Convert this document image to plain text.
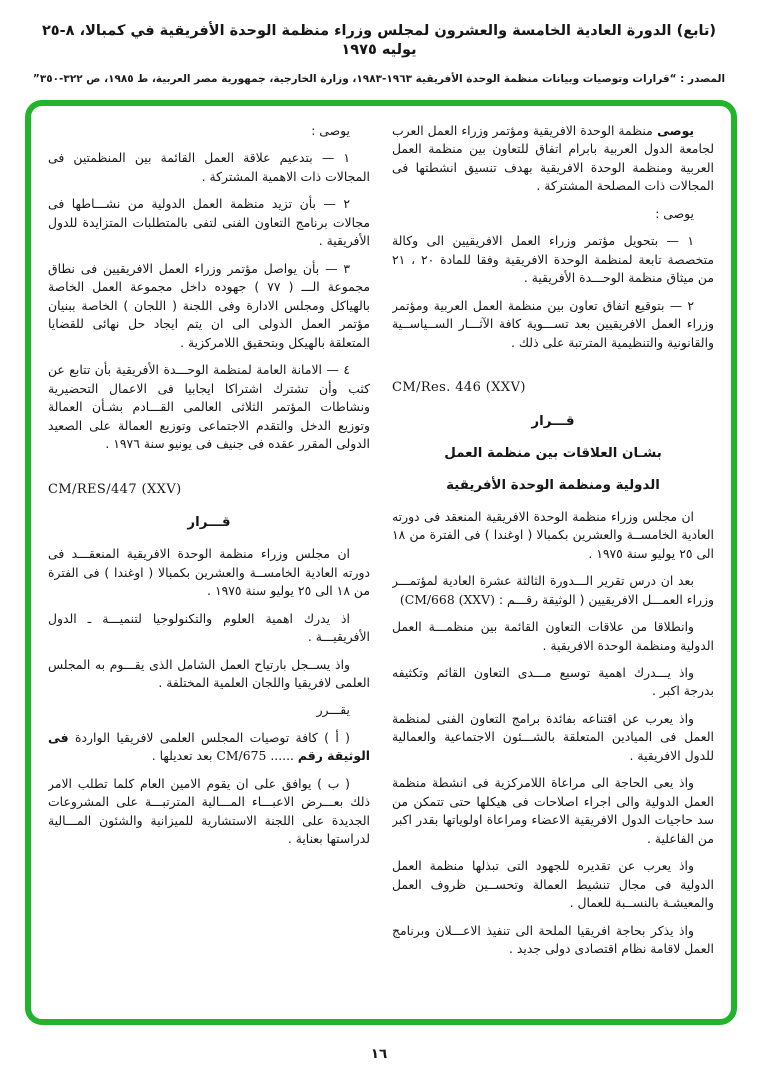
(تابع) الدورة العادية الخامسة والعشرون لمجلس وزراء منظمة الوحدة الأفريقية في كمبالا، ٨-٢٥ يوليه ١٩٧٥
المصدر : “قرارات وتوصيات وبيانات منظمة الوحدة الأفريقية ١٩٦٣-١٩٨٣، وزارة الخارجية، جمهورية مصر العربية، ط ١٩٨٥، ص ٣٢٢-٣٥٠”
يوصى منظمة الوحدة الافريقية ومؤتمر وزراء العمل العرب لجامعة الدول العربية بابرام اتفاق للتعاون بين منظمة العمل العربية ومنظمة الوحدة الافريقية بهدف تنسيق انشطتها فى المجالات ذات المصلحة المشتركة .
يوصى :
١ — بتحويل مؤتمر وزراء العمل الافريقيين الى وكالة متخصصة تابعة لمنظمة الوحدة الافريقية وفقا للمادة ٢٠ ، ٢١ من ميثاق منظمة الوحـــدة الأفريقية .
٢ — بتوقيع اتفاق تعاون بين منظمة العمل العربية ومؤتمر وزراء العمل الافريقيين بعد تســـوية كافة الآثـــار الســياســية والقانونية والتنظيمية المترتبة على ذلك .
CM/Res. 446 (XXV)
قـــرار
بشـان العلاقات بين منظمة العمل
الدولية ومنظمة الوحدة الأفريقية
ان مجلس وزراء منظمة الوحدة الافريقية المنعقد فى دورته العادية الخامســة والعشرين بكمبالا ( اوغندا ) فى الفترة من ١٨ الى ٢٥ يوليو سنة ١٩٧٥ .
بعد ان درس تقرير الـــدورة الثالثة عشرة العادية لمؤتمـــر وزراء العمـــل الافريقيين ( الوثيقة رقـــم : (CM/668 (XXV)
وانطلاقا من علاقات التعاون القائمة بين منظمـــة العمل الدولية ومنظمة الوحدة الافريقية .
واذ يـــدرك اهمية توسيع مـــدى التعاون القائم وتكثيفه بدرجة اكبر .
واذ يعرب عن اقتناعه بفائدة برامج التعاون الفنى لمنظمة العمل فى الميادين المتعلقة بالشـــئون الاجتماعية والعمالية للدول الافريقية .
واذ يعى الحاجة الى مراعاة اللامركزية فى انشطة منظمة العمل الدولية والى اجراء اصلاحات فى هيكلها حتى تتمكن من سد حاجيات الدول الافريقية الاعضاء ومراعاة اولوياتها بقدر اكبر من الفاعلية .
واذ يعرب عن تقديره للجهود التى تبذلها منظمة العمل الدولية فى مجال تنشيط العمالة وتحســين ظروف العمل والمعيشـة بالنســبة للعمال .
واذ يذكر بحاجة افريقيا الملحة الى تنفيذ الاعـــلان وبرنامج العمل لاقامة نظام اقتصادى دولى جديد .
يوصى :
١ — بتدعيم علاقة العمل القائمة بين المنظمتين فى المجالات ذات الاهمية المشتركة .
٢ — بأن تزيد منظمة العمل الدولية من نشـــاطها فى مجالات برنامج التعاون الفنى لتفى بالمتطلبات المتزايدة للدول الأفريقية .
٣ — بأن يواصل مؤتمر وزراء العمل الافريقيين فى نطاق مجموعة الـــ ( ٧٧ ) جهوده داخل مجموعة العمل الخاصة بالهياكل ومجلس الادارة وفى اللجنة ( اللجان ) الخاصة ببنيان مؤتمر العمل الدولى الى ان يتم ايجاد حل نهائى للقضايا المتعلقة بالهيكل وبتحقيق اللامركزية .
٤ — الامانة العامة لمنظمة الوحـــدة الأفريقية بأن تتابع عن كثب وأن تشترك اشتراكا ايجابيا فى الاعمال التحضيرية ونشاطات المؤتمر الثلاثى العالمى القـــادم بشـأن العمالة وتوزيع الدخل والتقدم الاجتماعى وتوزيع العمالة على الصعيد الدولى المقرر عقده فى جنيف فى يونيو سنة ١٩٧٦ .
CM/RES/447 (XXV)
قـــرار
ان مجلس وزراء منظمة الوحدة الافريقية المنعقـــد فى دورته العادية الخامســة والعشرين بكمبالا ( اوغندا ) فى الفترة من ١٨ الى ٢٥ يوليو سنة ١٩٧٥ .
اذ يدرك اهمية العلوم والتكنولوجيا لتنميـــة ـ الدول الأفريقيـــة .
واذ يســجل بارتياح العمل الشامل الذى يقـــوم به المجلس العلمى لافريقيا واللجان العلمية المختلفة .
يقـــرر
( أ ) كافة توصيات المجلس العلمى لافريقيا الواردة فى الوثيقة رقم ...... CM/675 بعد تعديلها .
( ب ) يوافق على ان يقوم الامين العام كلما تطلب الامر ذلك بعـــرض الاعبـــاء المـــالية المترتبـــة على المشروعات الجديدة على اللجنة الاستشارية للميزانية والشئون المـــالية لدراستها بعناية .
١٦
